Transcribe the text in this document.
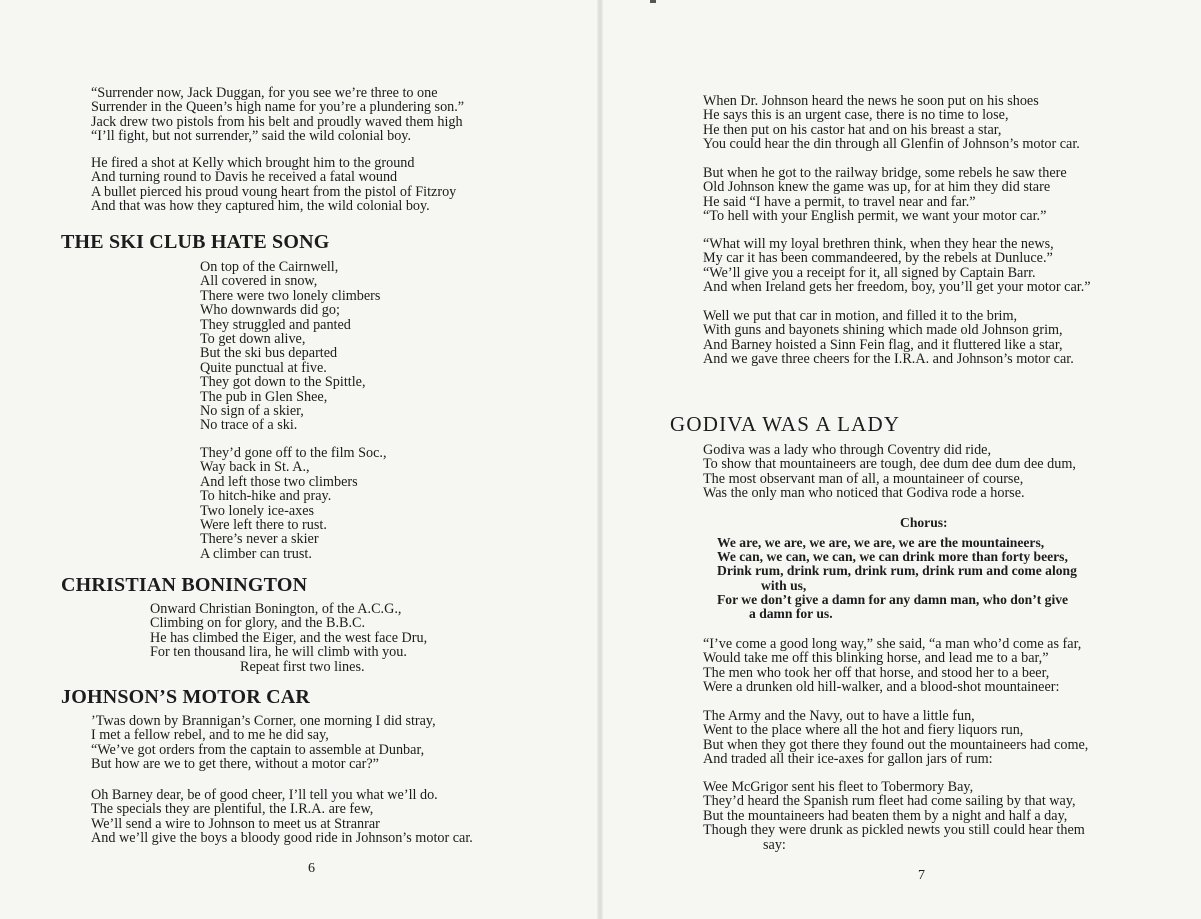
“Surrender now, Jack Duggan, for you see we’re three to one
Surrender in the Queen’s high name for you’re a plundering son.”
Jack drew two pistols from his belt and proudly waved them high
“I’ll fight, but not surrender,” said the wild colonial boy.
He fired a shot at Kelly which brought him to the ground
And turning round to Davis he received a fatal wound
A bullet pierced his proud voung heart from the pistol of Fitzroy
And that was how they captured him, the wild colonial boy.
THE SKI CLUB HATE SONG
On top of the Cairnwell,
All covered in snow,
There were two lonely climbers
Who downwards did go;
They struggled and panted
To get down alive,
But the ski bus departed
Quite punctual at five.
They got down to the Spittle,
The pub in Glen Shee,
No sign of a skier,
No trace of a ski.
They’d gone off to the film Soc.,
Way back in St. A.,
And left those two climbers
To hitch-hike and pray.
Two lonely ice-axes
Were left there to rust.
There’s never a skier
A climber can trust.
CHRISTIAN BONINGTON
Onward Christian Bonington, of the A.C.G.,
Climbing on for glory, and the B.B.C.
He has climbed the Eiger, and the west face Dru,
For ten thousand lira, he will climb with you.
Repeat first two lines.
JOHNSON’S MOTOR CAR
’Twas down by Brannigan’s Corner, one morning I did stray,
I met a fellow rebel, and to me he did say,
“We’ve got orders from the captain to assemble at Dunbar,
But how are we to get there, without a motor car?”
Oh Barney dear, be of good cheer, I’ll tell you what we’ll do.
The specials they are plentiful, the I.R.A. are few,
We’ll send a wire to Johnson to meet us at Stranrar
And we’ll give the boys a bloody good ride in Johnson’s motor car.
6
When Dr. Johnson heard the news he soon put on his shoes
He says this is an urgent case, there is no time to lose,
He then put on his castor hat and on his breast a star,
You could hear the din through all Glenfin of Johnson’s motor car.
But when he got to the railway bridge, some rebels he saw there
Old Johnson knew the game was up, for at him they did stare
He said “I have a permit, to travel near and far.”
“To hell with your English permit, we want your motor car.”
“What will my loyal brethren think, when they hear the news,
My car it has been commandeered, by the rebels at Dunluce.”
“We’ll give you a receipt for it, all signed by Captain Barr.
And when Ireland gets her freedom, boy, you’ll get your motor car.”
Well we put that car in motion, and filled it to the brim,
With guns and bayonets shining which made old Johnson grim,
And Barney hoisted a Sinn Fein flag, and it fluttered like a star,
And we gave three cheers for the I.R.A. and Johnson’s motor car.
GODIVA WAS A LADY
Godiva was a lady who through Coventry did ride,
To show that mountaineers are tough, dee dum dee dum dee dum,
The most observant man of all, a mountaineer of course,
Was the only man who noticed that Godiva rode a horse.
Chorus:
We are, we are, we are, we are, we are the mountaineers,
We can, we can, we can, we can drink more than forty beers,
Drink rum, drink rum, drink rum, drink rum and come along
with us,
For we don’t give a damn for any damn man, who don’t give
a damn for us.
“I’ve come a good long way,” she said, “a man who’d come as far,
Would take me off this blinking horse, and lead me to a bar,”
The men who took her off that horse, and stood her to a beer,
Were a drunken old hill-walker, and a blood-shot mountaineer:
The Army and the Navy, out to have a little fun,
Went to the place where all the hot and fiery liquors run,
But when they got there they found out the mountaineers had come,
And traded all their ice-axes for gallon jars of rum:
Wee McGrigor sent his fleet to Tobermory Bay,
They’d heard the Spanish rum fleet had come sailing by that way,
But the mountaineers had beaten them by a night and half a day,
Though they were drunk as pickled newts you still could hear them
say:
7
